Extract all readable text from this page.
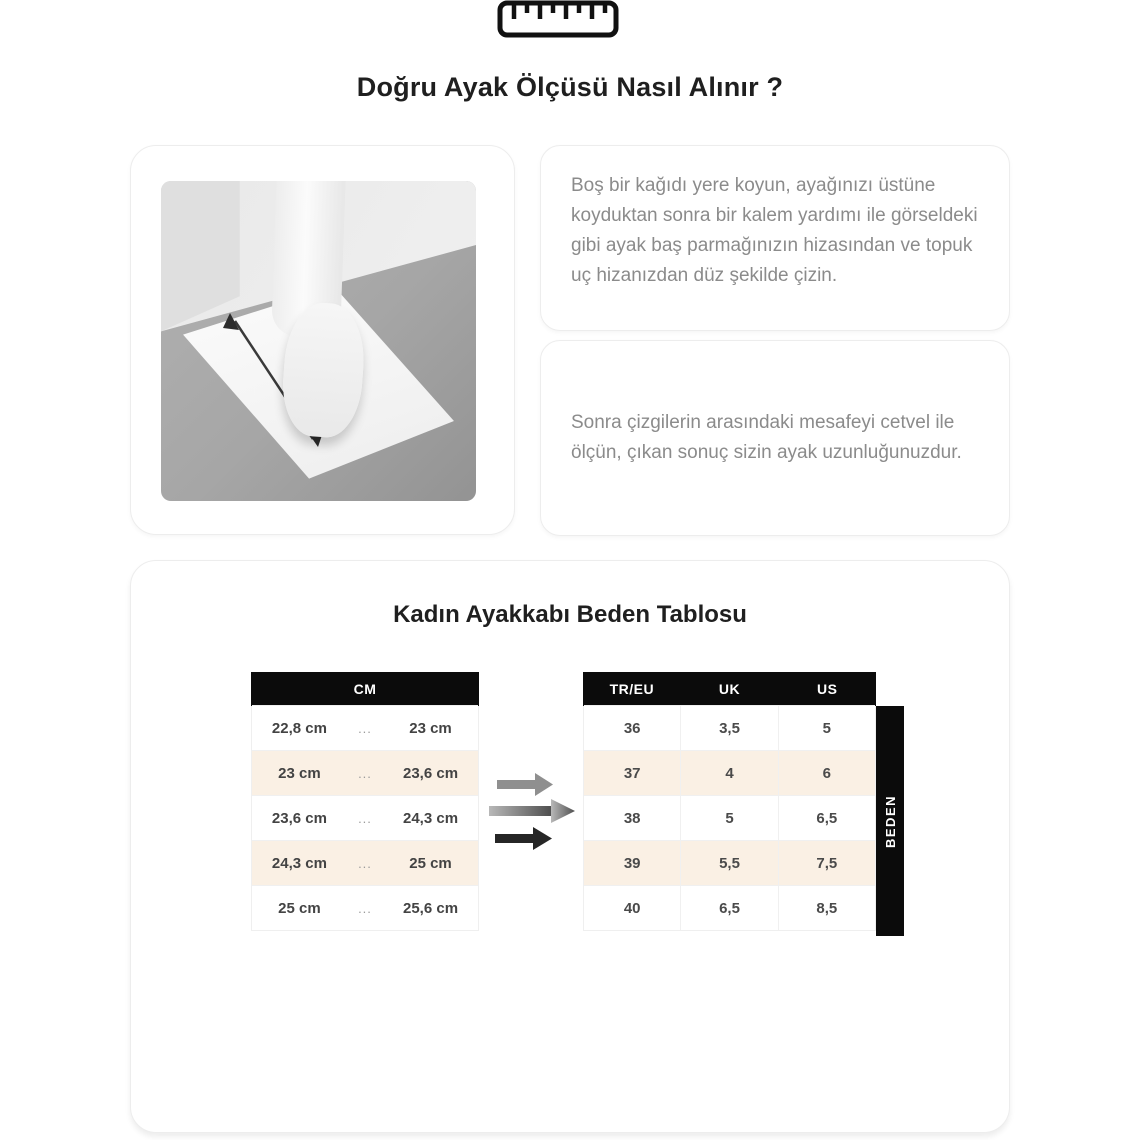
Doğru Ayak Ölçüsü Nasıl Alınır ?

Boş bir kağıdı yere koyun, ayağınızı üstüne koyduktan sonra bir kalem yardımı ile görseldeki gibi ayak baş parmağınızın hizasından ve topuk uç hizanızdan düz şekilde çizin.

Sonra çizgilerin arasındaki mesafeyi cetvel ile ölçün, çıkan sonuç sizin ayak uzunluğunuzdur.

Kadın Ayakkabı Beden Tablosu
CM
22,8 cm	...	23 cm
23 cm	...	23,6 cm
23,6 cm	...	24,3 cm
24,3 cm	...	25 cm
25 cm	...	25,6 cm
TR/EU	UK	US
36	3,5	5
37	4	6
38	5	6,5
39	5,5	7,5
40	6,5	8,5
BEDEN
